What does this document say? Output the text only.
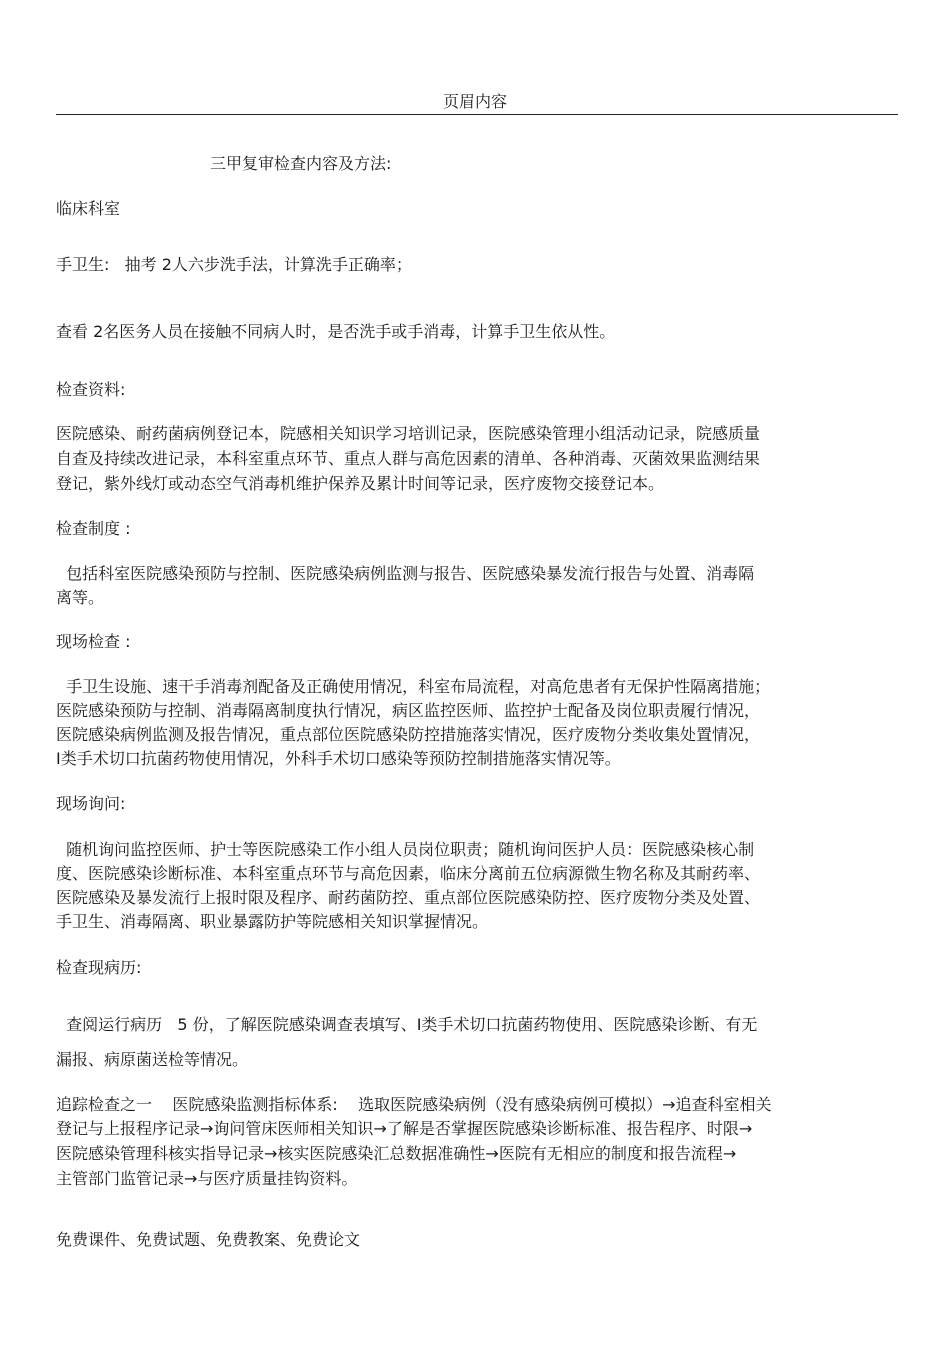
页眉内容
三甲复审检查内容及方法:
临床科室
手卫生:   抽考 2人六步洗手法，计算洗手正确率；
查看 2名医务人员在接触不同病人时，是否洗手或手消毒，计算手卫生依从性。
检查资料:
医院感染、耐药菌病例登记本，院感相关知识学习培训记录，医院感染管理小组活动记录，院感质量
自查及持续改进记录，本科室重点环节、重点人群与高危因素的清单、各种消毒、灭菌效果监测结果
登记，紫外线灯或动态空气消毒机维护保养及累计时间等记录，医疗废物交接登记本。
检查制度 :
包括科室医院感染预防与控制、医院感染病例监测与报告、医院感染暴发流行报告与处置、消毒隔
离等。
现场检查 :
手卫生设施、速干手消毒剂配备及正确使用情况，科室布局流程，对高危患者有无保护性隔离措施；
医院感染预防与控制、消毒隔离制度执行情况，病区监控医师、监控护士配备及岗位职责履行情况，
医院感染病例监测及报告情况，重点部位医院感染防控措施落实情况，医疗废物分类收集处置情况，
Ⅰ类手术切口抗菌药物使用情况，外科手术切口感染等预防控制措施落实情况等。
现场询问:
随机询问监控医师、护士等医院感染工作小组人员岗位职责；随机询问医护人员：医院感染核心制
度、医院感染诊断标准、本科室重点环节与高危因素，临床分离前五位病源微生物名称及其耐药率、
医院感染及暴发流行上报时限及程序、耐药菌防控、重点部位医院感染防控、医疗废物分类及处置、
手卫生、消毒隔离、职业暴露防护等院感相关知识掌握情况。
检查现病历:
查阅运行病历   5 份，了解医院感染调查表填写、Ⅰ类手术切口抗菌药物使用、医院感染诊断、有无
漏报、病原菌送检等情况。
追踪检查之一    医院感染监测指标体系:    选取医院感染病例（没有感染病例可模拟）→追查科室相关
登记与上报程序记录→询问管床医师相关知识→了解是否掌握医院感染诊断标准、报告程序、时限→
医院感染管理科核实指导记录→核实医院感染汇总数据准确性→医院有无相应的制度和报告流程→
主管部门监管记录→与医疗质量挂钩资料。
免费课件、免费试题、免费教案、免费论文
